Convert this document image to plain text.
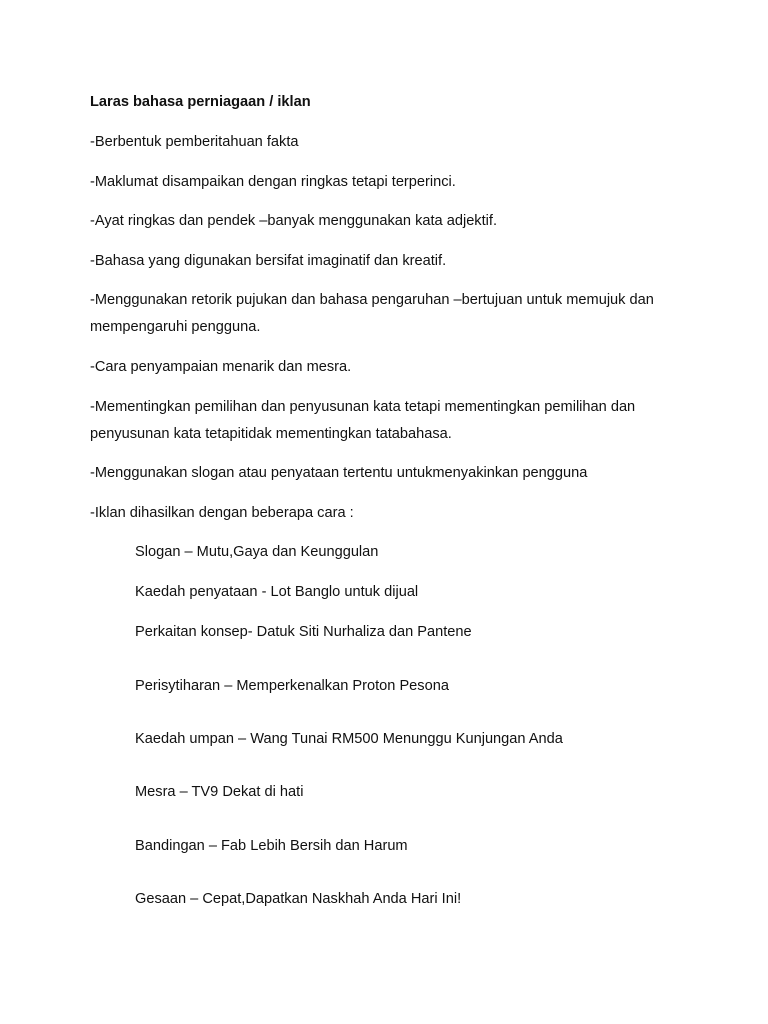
Laras bahasa perniagaan / iklan
-Berbentuk pemberitahuan fakta
-Maklumat disampaikan dengan ringkas tetapi terperinci.
-Ayat ringkas dan pendek –banyak menggunakan kata adjektif.
-Bahasa yang digunakan bersifat imaginatif dan kreatif.
-Menggunakan retorik pujukan dan bahasa pengaruhan –bertujuan untuk memujuk dan
mempengaruhi pengguna.
-Cara penyampaian menarik dan mesra.
-Mementingkan pemilihan dan penyusunan kata tetapi mementingkan pemilihan dan
penyusunan kata tetapitidak mementingkan tatabahasa.
-Menggunakan slogan atau penyataan tertentu untukmenyakinkan pengguna
-Iklan dihasilkan dengan beberapa cara :
Slogan – Mutu,Gaya dan Keunggulan
Kaedah penyataan - Lot Banglo untuk dijual
Perkaitan konsep- Datuk Siti Nurhaliza dan Pantene
Perisytiharan – Memperkenalkan Proton Pesona
Kaedah umpan – Wang Tunai RM500 Menunggu Kunjungan Anda
Mesra – TV9 Dekat di hati
Bandingan – Fab Lebih Bersih dan Harum
Gesaan – Cepat,Dapatkan Naskhah Anda Hari Ini!
